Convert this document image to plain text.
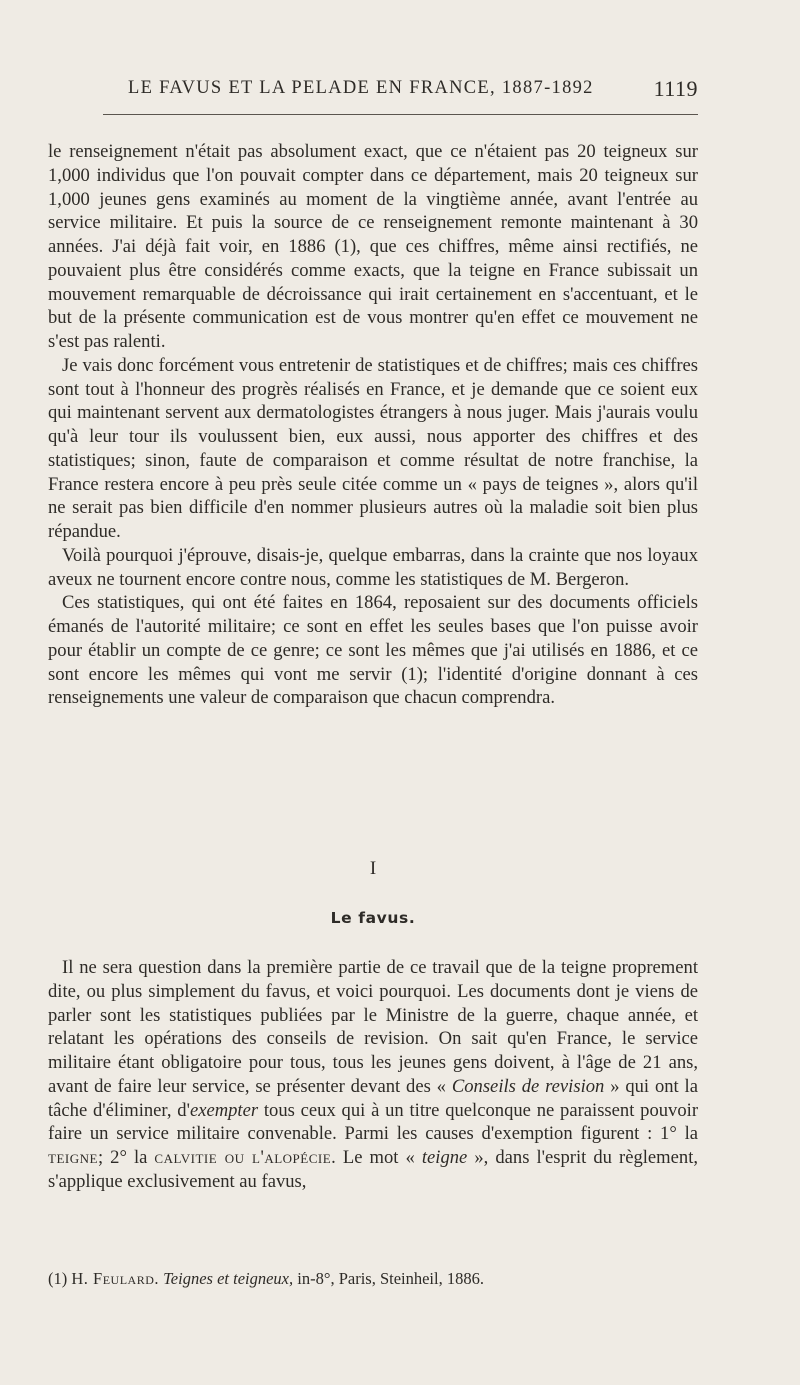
LE FAVUS ET LA PELADE EN FRANCE, 1887-1892	1119

le renseignement n'était pas absolument exact, que ce n'étaient pas 20 teigneux sur 1,000 individus que l'on pouvait compter dans ce département, mais 20 teigneux sur 1,000 jeunes gens examinés au moment de la vingtième année, avant l'entrée au service militaire. Et puis la source de ce renseignement remonte maintenant à 30 années. J'ai déjà fait voir, en 1886 (1), que ces chiffres, même ainsi rectifiés, ne pouvaient plus être considérés comme exacts, que la teigne en France subissait un mouvement remarquable de décroissance qui irait certainement en s'accentuant, et le but de la présente communication est de vous montrer qu'en effet ce mouvement ne s'est pas ralenti.

Je vais donc forcément vous entretenir de statistiques et de chiffres; mais ces chiffres sont tout à l'honneur des progrès réalisés en France, et je demande que ce soient eux qui maintenant servent aux dermatologistes étrangers à nous juger. Mais j'aurais voulu qu'à leur tour ils voulussent bien, eux aussi, nous apporter des chiffres et des statistiques; sinon, faute de comparaison et comme résultat de notre franchise, la France restera encore à peu près seule citée comme un « pays de teignes », alors qu'il ne serait pas bien difficile d'en nommer plusieurs autres où la maladie soit bien plus répandue.

Voilà pourquoi j'éprouve, disais-je, quelque embarras, dans la crainte que nos loyaux aveux ne tournent encore contre nous, comme les statistiques de M. Bergeron.

Ces statistiques, qui ont été faites en 1864, reposaient sur des documents officiels émanés de l'autorité militaire; ce sont en effet les seules bases que l'on puisse avoir pour établir un compte de ce genre; ce sont les mêmes que j'ai utilisés en 1886, et ce sont encore les mêmes qui vont me servir (1); l'identité d'origine donnant à ces renseignements une valeur de comparaison que chacun comprendra.

I
Le favus.

Il ne sera question dans la première partie de ce travail que de la teigne proprement dite, ou plus simplement du favus, et voici pourquoi. Les documents dont je viens de parler sont les statistiques publiées par le Ministre de la guerre, chaque année, et relatant les opérations des conseils de revision. On sait qu'en France, le service militaire étant obligatoire pour tous, tous les jeunes gens doivent, à l'âge de 21 ans, avant de faire leur service, se présenter devant des « Conseils de revision » qui ont la tâche d'éliminer, d'exempter tous ceux qui à un titre quelconque ne paraissent pouvoir faire un service militaire convenable. Parmi les causes d'exemption figurent : 1° la teigne; 2° la calvitie ou l'alopécie. Le mot « teigne », dans l'esprit du règlement, s'applique exclusivement au favus,

(1) H. Feulard. Teignes et teigneux, in-8°, Paris, Steinheil, 1886.
